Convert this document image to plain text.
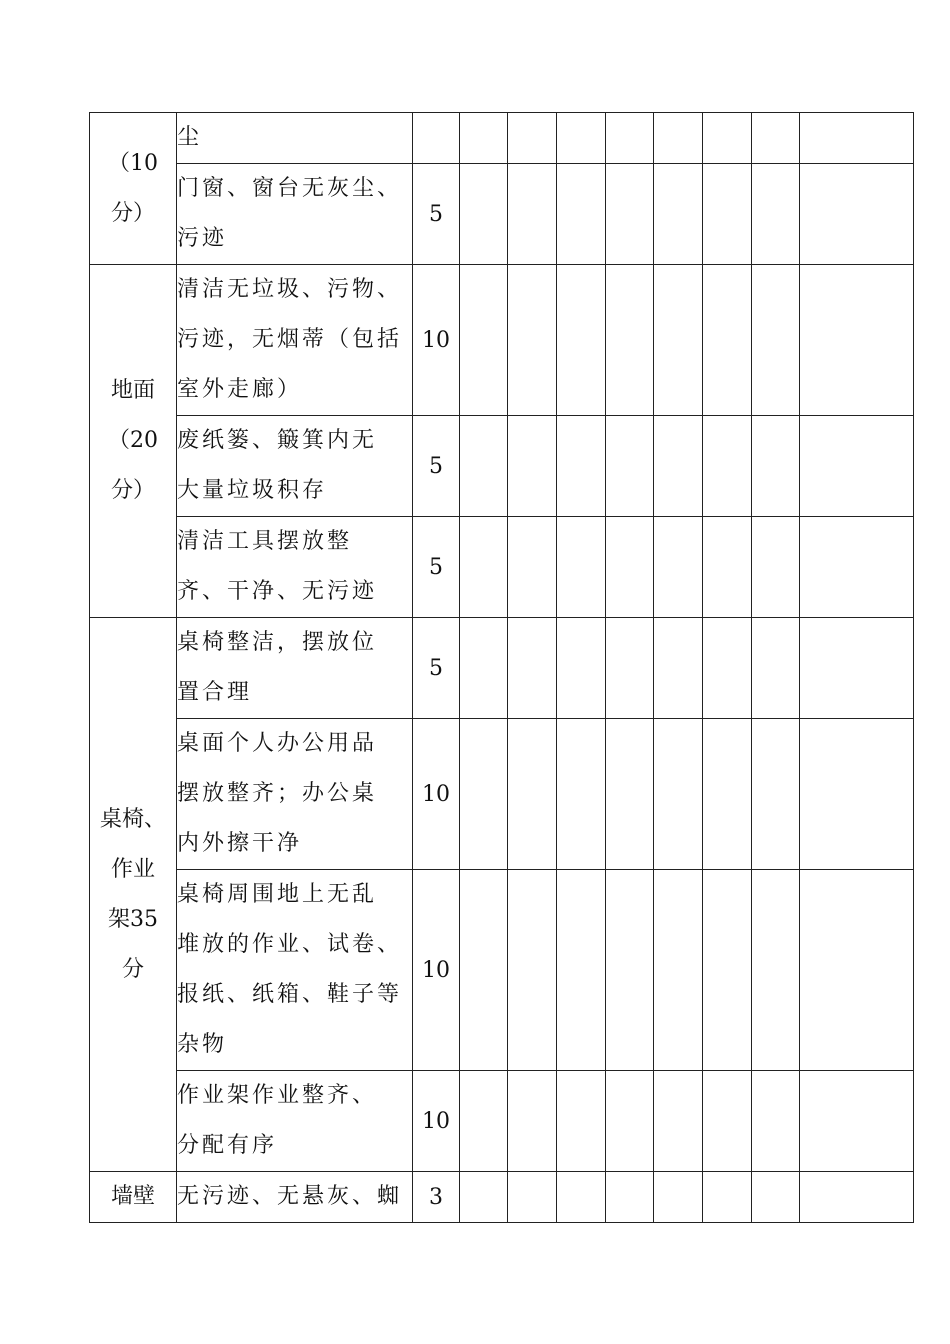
（10
分）	尘									
	门窗、窗台无灰尘、
污迹	5								

地面
（20
分）	清洁无垃圾、污物、
污迹，无烟蒂（包括
室外走廊）	10								
	废纸篓、簸箕内无
大量垃圾积存	5								
	清洁工具摆放整
齐、干净、无污迹	5								

桌椅、
作业
架35
分	桌椅整洁，摆放位
置合理	5								
	桌面个人办公用品
摆放整齐；办公桌
内外擦干净	10								
	桌椅周围地上无乱
堆放的作业、试卷、
报纸、纸箱、鞋子等
杂物	10								
	作业架作业整齐、
分配有序	10								

墙壁	无污迹、无悬灰、蜘	3								
